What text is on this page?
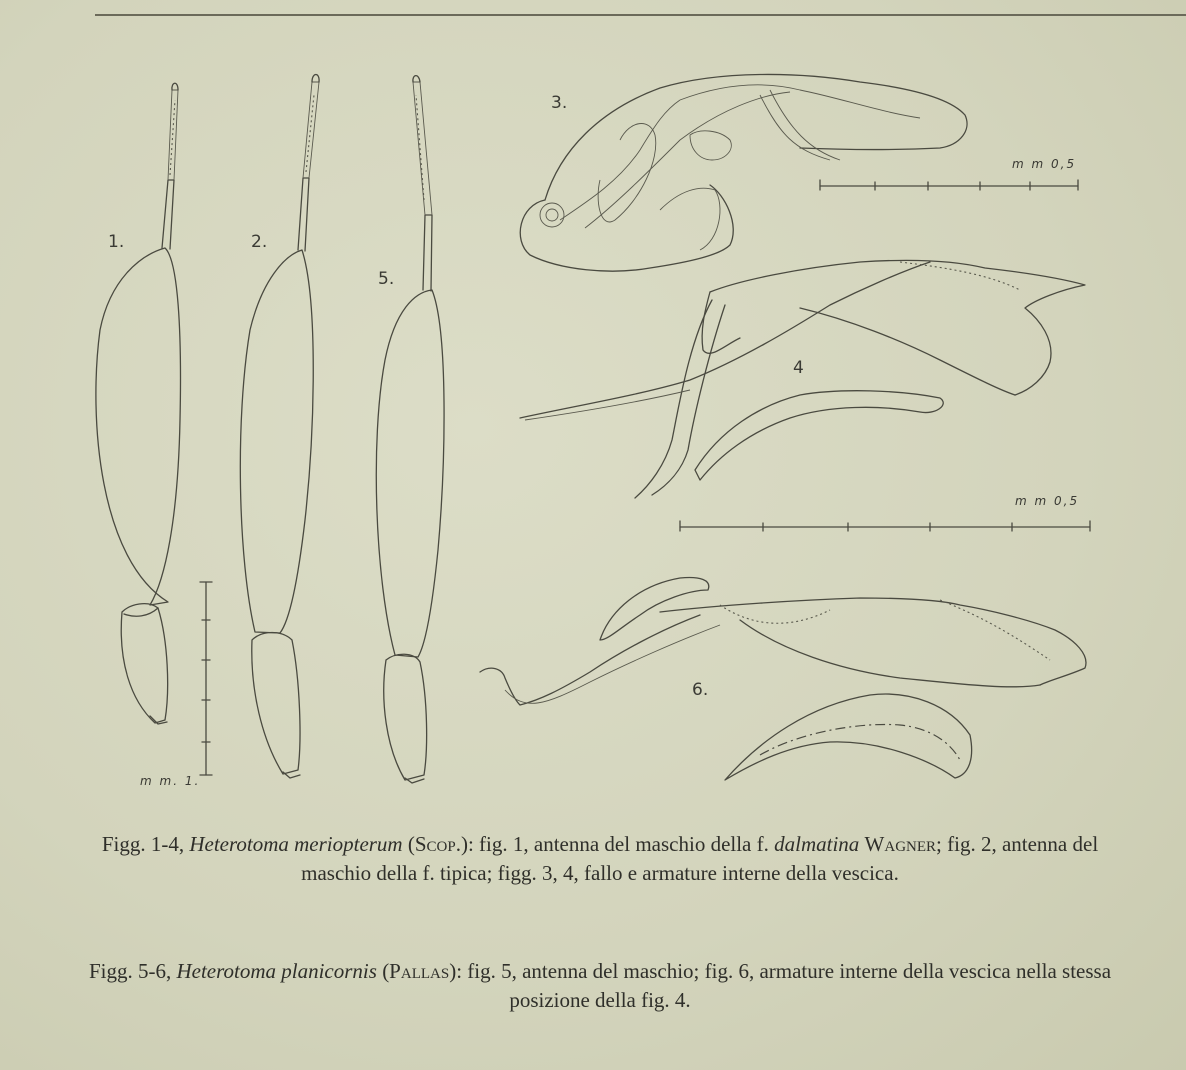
1.	2.
5.
3.
4
6.
m m. 1.
m m 0,5
m m 0,5

Figg. 1-4, Heterotoma meriopterum (Scop.): fig. 1, antenna del maschio della f. dalmatina Wagner; fig. 2, antenna del maschio della f. tipica; figg. 3, 4, fallo e armature interne della vescica.

Figg. 5-6, Heterotoma planicornis (Pallas): fig. 5, antenna del maschio; fig. 6, armature interne della vescica nella stessa posizione della fig. 4.
